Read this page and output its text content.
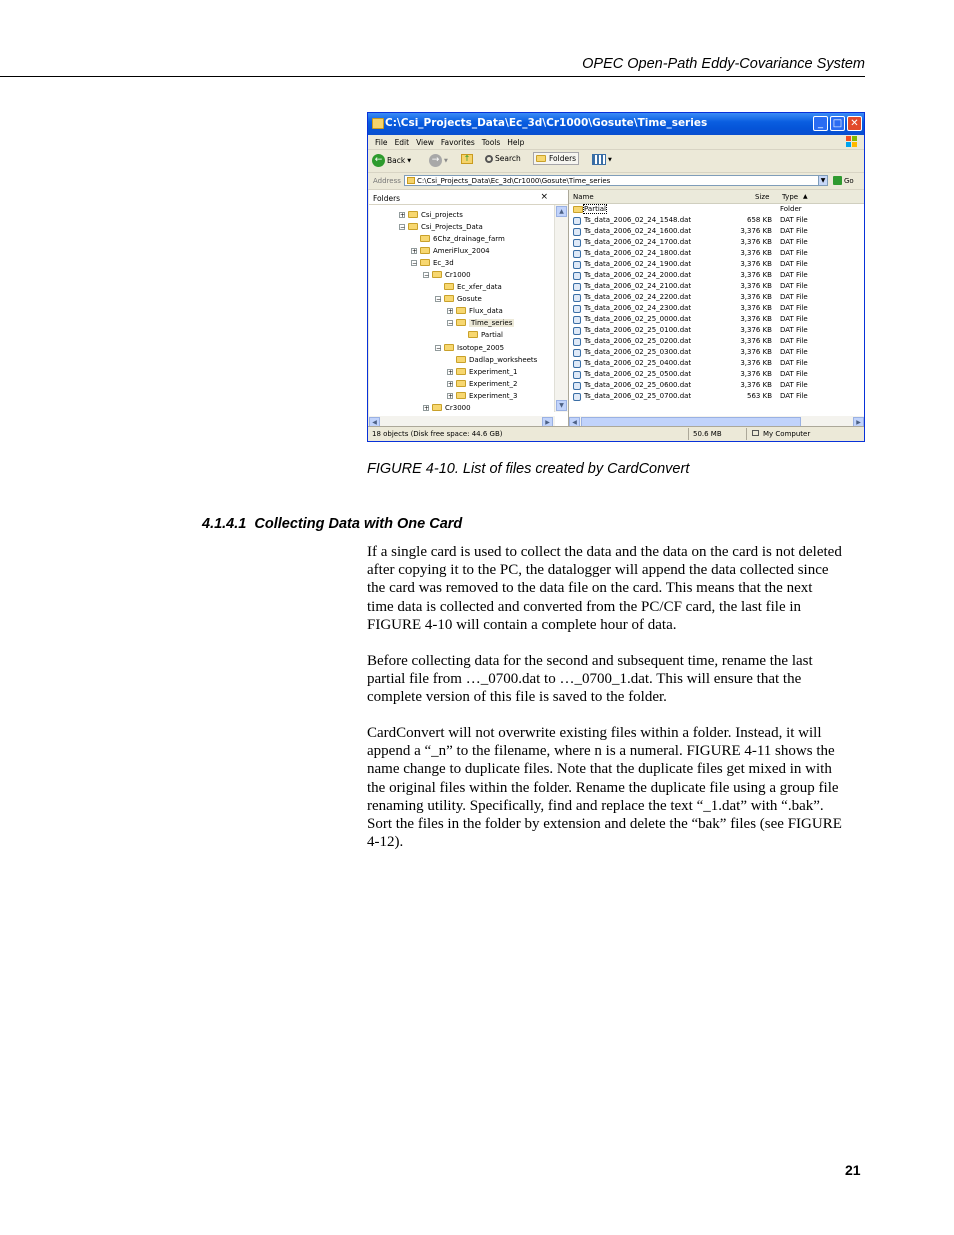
OPEC Open-Path Eddy-Covariance System
C:\Csi_Projects_Data\Ec_3d\Cr1000\Gosute\Time_series	_ □ ✕
File Edit View Favorites Tools Help
← Back ▼	→ ▼	↑	Search	Folders	▼
Address	C:\Csi_Projects_Data\Ec_3d\Cr1000\Gosute\Time_series	▼	Go
Folders	×
+ Csi_projects
− Csi_Projects_Data
6Chz_drainage_farm
+ AmeriFlux_2004
− Ec_3d
− Cr1000
Ec_xfer_data
− Gosute
+ Flux_data
−	Time_series
Partial
− Isotope_2005
Dadlap_worksheets
+ Experiment_1
+ Experiment_2
+ Experiment_3
+ Cr3000
▲
▼
◀	▶
Name	Size Type ▲
Partial	Folder
Ts_data_2006_02_24_1548.dat	658 KB DAT File
Ts_data_2006_02_24_1600.dat	3,376 KB DAT File
Ts_data_2006_02_24_1700.dat	3,376 KB DAT File
Ts_data_2006_02_24_1800.dat	3,376 KB DAT File
Ts_data_2006_02_24_1900.dat	3,376 KB DAT File
Ts_data_2006_02_24_2000.dat	3,376 KB DAT File
Ts_data_2006_02_24_2100.dat	3,376 KB DAT File
Ts_data_2006_02_24_2200.dat	3,376 KB DAT File
Ts_data_2006_02_24_2300.dat	3,376 KB DAT File
Ts_data_2006_02_25_0000.dat	3,376 KB DAT File
Ts_data_2006_02_25_0100.dat	3,376 KB DAT File
Ts_data_2006_02_25_0200.dat	3,376 KB DAT File
Ts_data_2006_02_25_0300.dat	3,376 KB DAT File
Ts_data_2006_02_25_0400.dat	3,376 KB DAT File
Ts_data_2006_02_25_0500.dat	3,376 KB DAT File
Ts_data_2006_02_25_0600.dat	3,376 KB DAT File
Ts_data_2006_02_25_0700.dat	563 KB DAT File
◀	▶
18 objects (Disk free space: 44.6 GB)	50.6 MB	My Computer
FIGURE 4-10. List of files created by CardConvert
4.1.4.1 Collecting Data with One Card

If a single card is used to collect the data and the data on the card is not deleted

after copying it to the PC, the datalogger will append the data collected since

the card was removed to the data file on the card. This means that the next

time data is collected and converted from the PC/CF card, the last file in

FIGURE 4-10 will contain a complete hour of data.

Before collecting data for the second and subsequent time, rename the last

partial file from …_0700.dat to …_0700_1.dat. This will ensure that the

complete version of this file is saved to the folder.

CardConvert will not overwrite existing files within a folder. Instead, it will

append a “_n” to the filename, where n is a numeral. FIGURE 4-11 shows the

name change to duplicate files. Note that the duplicate files get mixed in with

the original files within the folder. Rename the duplicate file using a group file

renaming utility. Specifically, find and replace the text “_1.dat” with “.bak”.

Sort the files in the folder by extension and delete the “bak” files (see FIGURE

4-12).

21
